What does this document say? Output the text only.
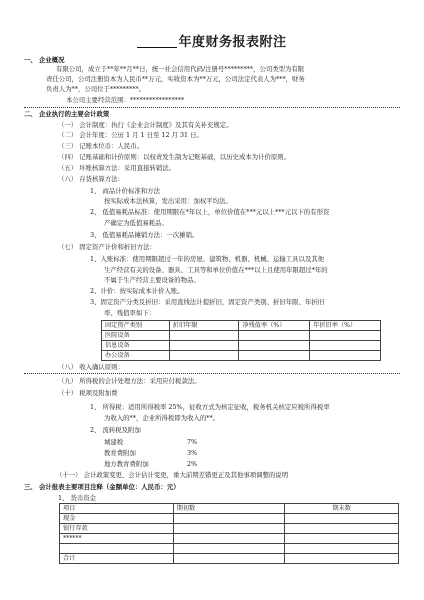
年度财务报表附注
一、 企业概况
有限公司，成立于**年**月**日，统一社会信用代码/注册号*********，公司类型为有限
责任公司，公司注册资本为人民币**万元，实收资本为**万元，公司法定代表人为***，财务
负责人为**，公司位于*********。
本公司主要经营范围：*****************
二、 企业执行的主要会计政策
（一） 会计制度：执行《企业会计制度》及其有关补充规定。
（二） 会计年度：公历 1 月 1 日至 12 月 31 日。
（三） 记账本位币：人民币。
（四） 记账基础和计价原则：以权责发生制为记账基础，以历史成本为计价原则。
（五） 坏账核算方法：采用直接转销法。
（六） 存货核算方法：
1、 商品计价标准和方法
按实际成本法核算，发出采用：加权平均法。
2、 低值易耗品标准：使用期限在*年以上，单位价值在***元以上***元以下的有形资
产确定为低值易耗品。
3、 低值易耗品摊销方法：一次摊销。
（七） 固定资产计价和折旧方法：
1、入账标准：使用期限超过一年的房屋、建筑物、机器、机械、运输工具以及其他
生产经营有关的设备、器具、工具等和单位价值在***以上且使用年限超过*年的
不属于生产经营主要设备的物品。
2、计价：按实际成本计价入账。
3、固定资产分类及折旧：采用直线法计提折旧，固定资产类别、折旧年限、年折旧
率、残值率如下：
固定资产类别	折旧年限	净残值率（%）	年折旧率（%）
医院设备			
信息设备			
办公设备			
（八） 收入确认原则：
（九） 所得税的会计处理方法：采用应付税款法。
（十） 税项及附加费
1、 所得税：适用所得税率 25%，征收方式为核定征收，税务机关核定应税所得税率
为收入的**，企业所得税即为收入的**。
2、 流转税及附加
城建税	7%
教育费附加	3%
地方教育费附加	2%
（十一） 会计政策变更、会计估计变更，重大前期差错更正及其他事项调整的说明
三、 会计报表主要项目注释（金额单位：人民币：元）
1、 货币资金
项目	期初数	期末数
现金		
银行存款		
******		

合计		
